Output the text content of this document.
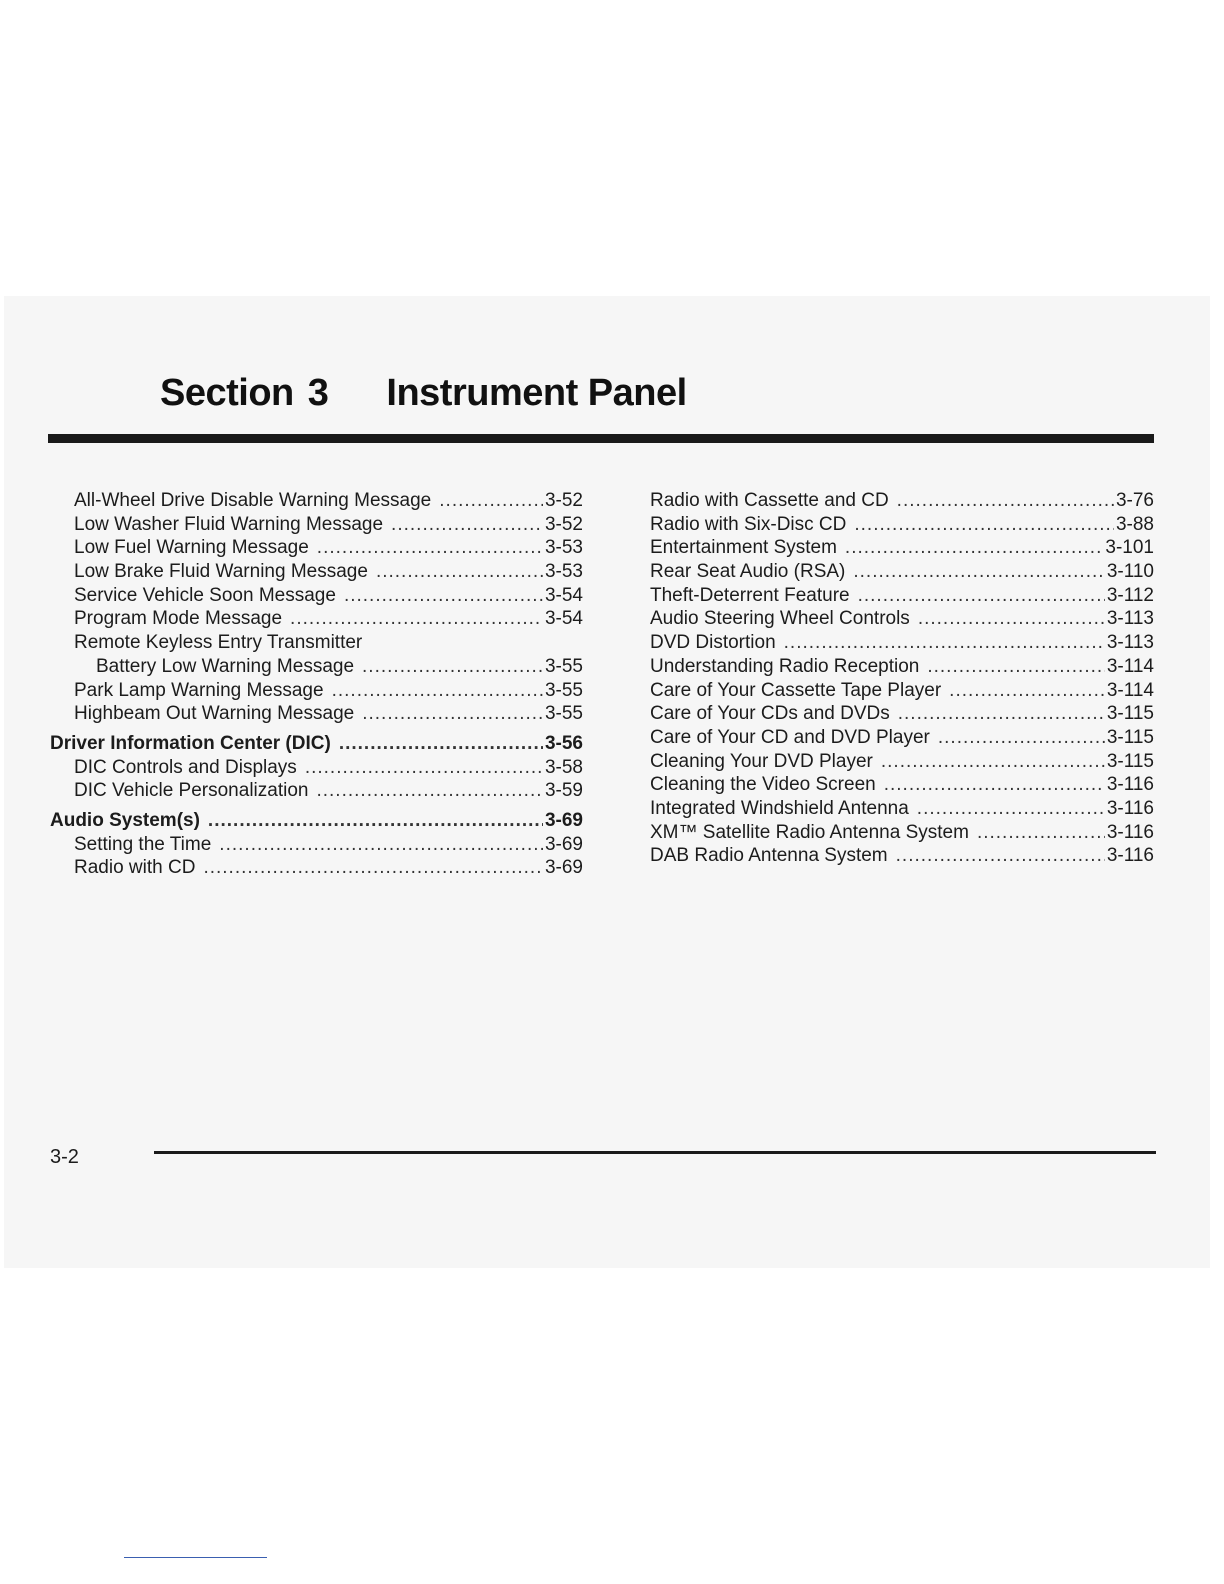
Section 3 Instrument Panel
All-Wheel Drive Disable Warning Message .....	3-52
Low Washer Fluid Warning Message .....	3-52
Low Fuel Warning Message .....	3-53
Low Brake Fluid Warning Message .....	3-53
Service Vehicle Soon Message .....	3-54
Program Mode Message .....	3-54
Remote Keyless Entry Transmitter
Battery Low Warning Message .....	3-55
Park Lamp Warning Message .....	3-55
Highbeam Out Warning Message .....	3-55
Driver Information Center (DIC) .....	3-56
DIC Controls and Displays .....	3-58
DIC Vehicle Personalization .....	3-59
Audio System(s) .....	3-69
Setting the Time .....	3-69
Radio with CD .....	3-69
Radio with Cassette and CD .....	3-76
Radio with Six-Disc CD .....	3-88
Entertainment System .....	3-101
Rear Seat Audio (RSA) .....	3-110
Theft-Deterrent Feature .....	3-112
Audio Steering Wheel Controls .....	3-113
DVD Distortion .....	3-113
Understanding Radio Reception .....	3-114
Care of Your Cassette Tape Player .....	3-114
Care of Your CDs and DVDs .....	3-115
Care of Your CD and DVD Player .....	3-115
Cleaning Your DVD Player .....	3-115
Cleaning the Video Screen .....	3-116
Integrated Windshield Antenna .....	3-116
XM™ Satellite Radio Antenna System .....	3-116
DAB Radio Antenna System .....	3-116
3-2
